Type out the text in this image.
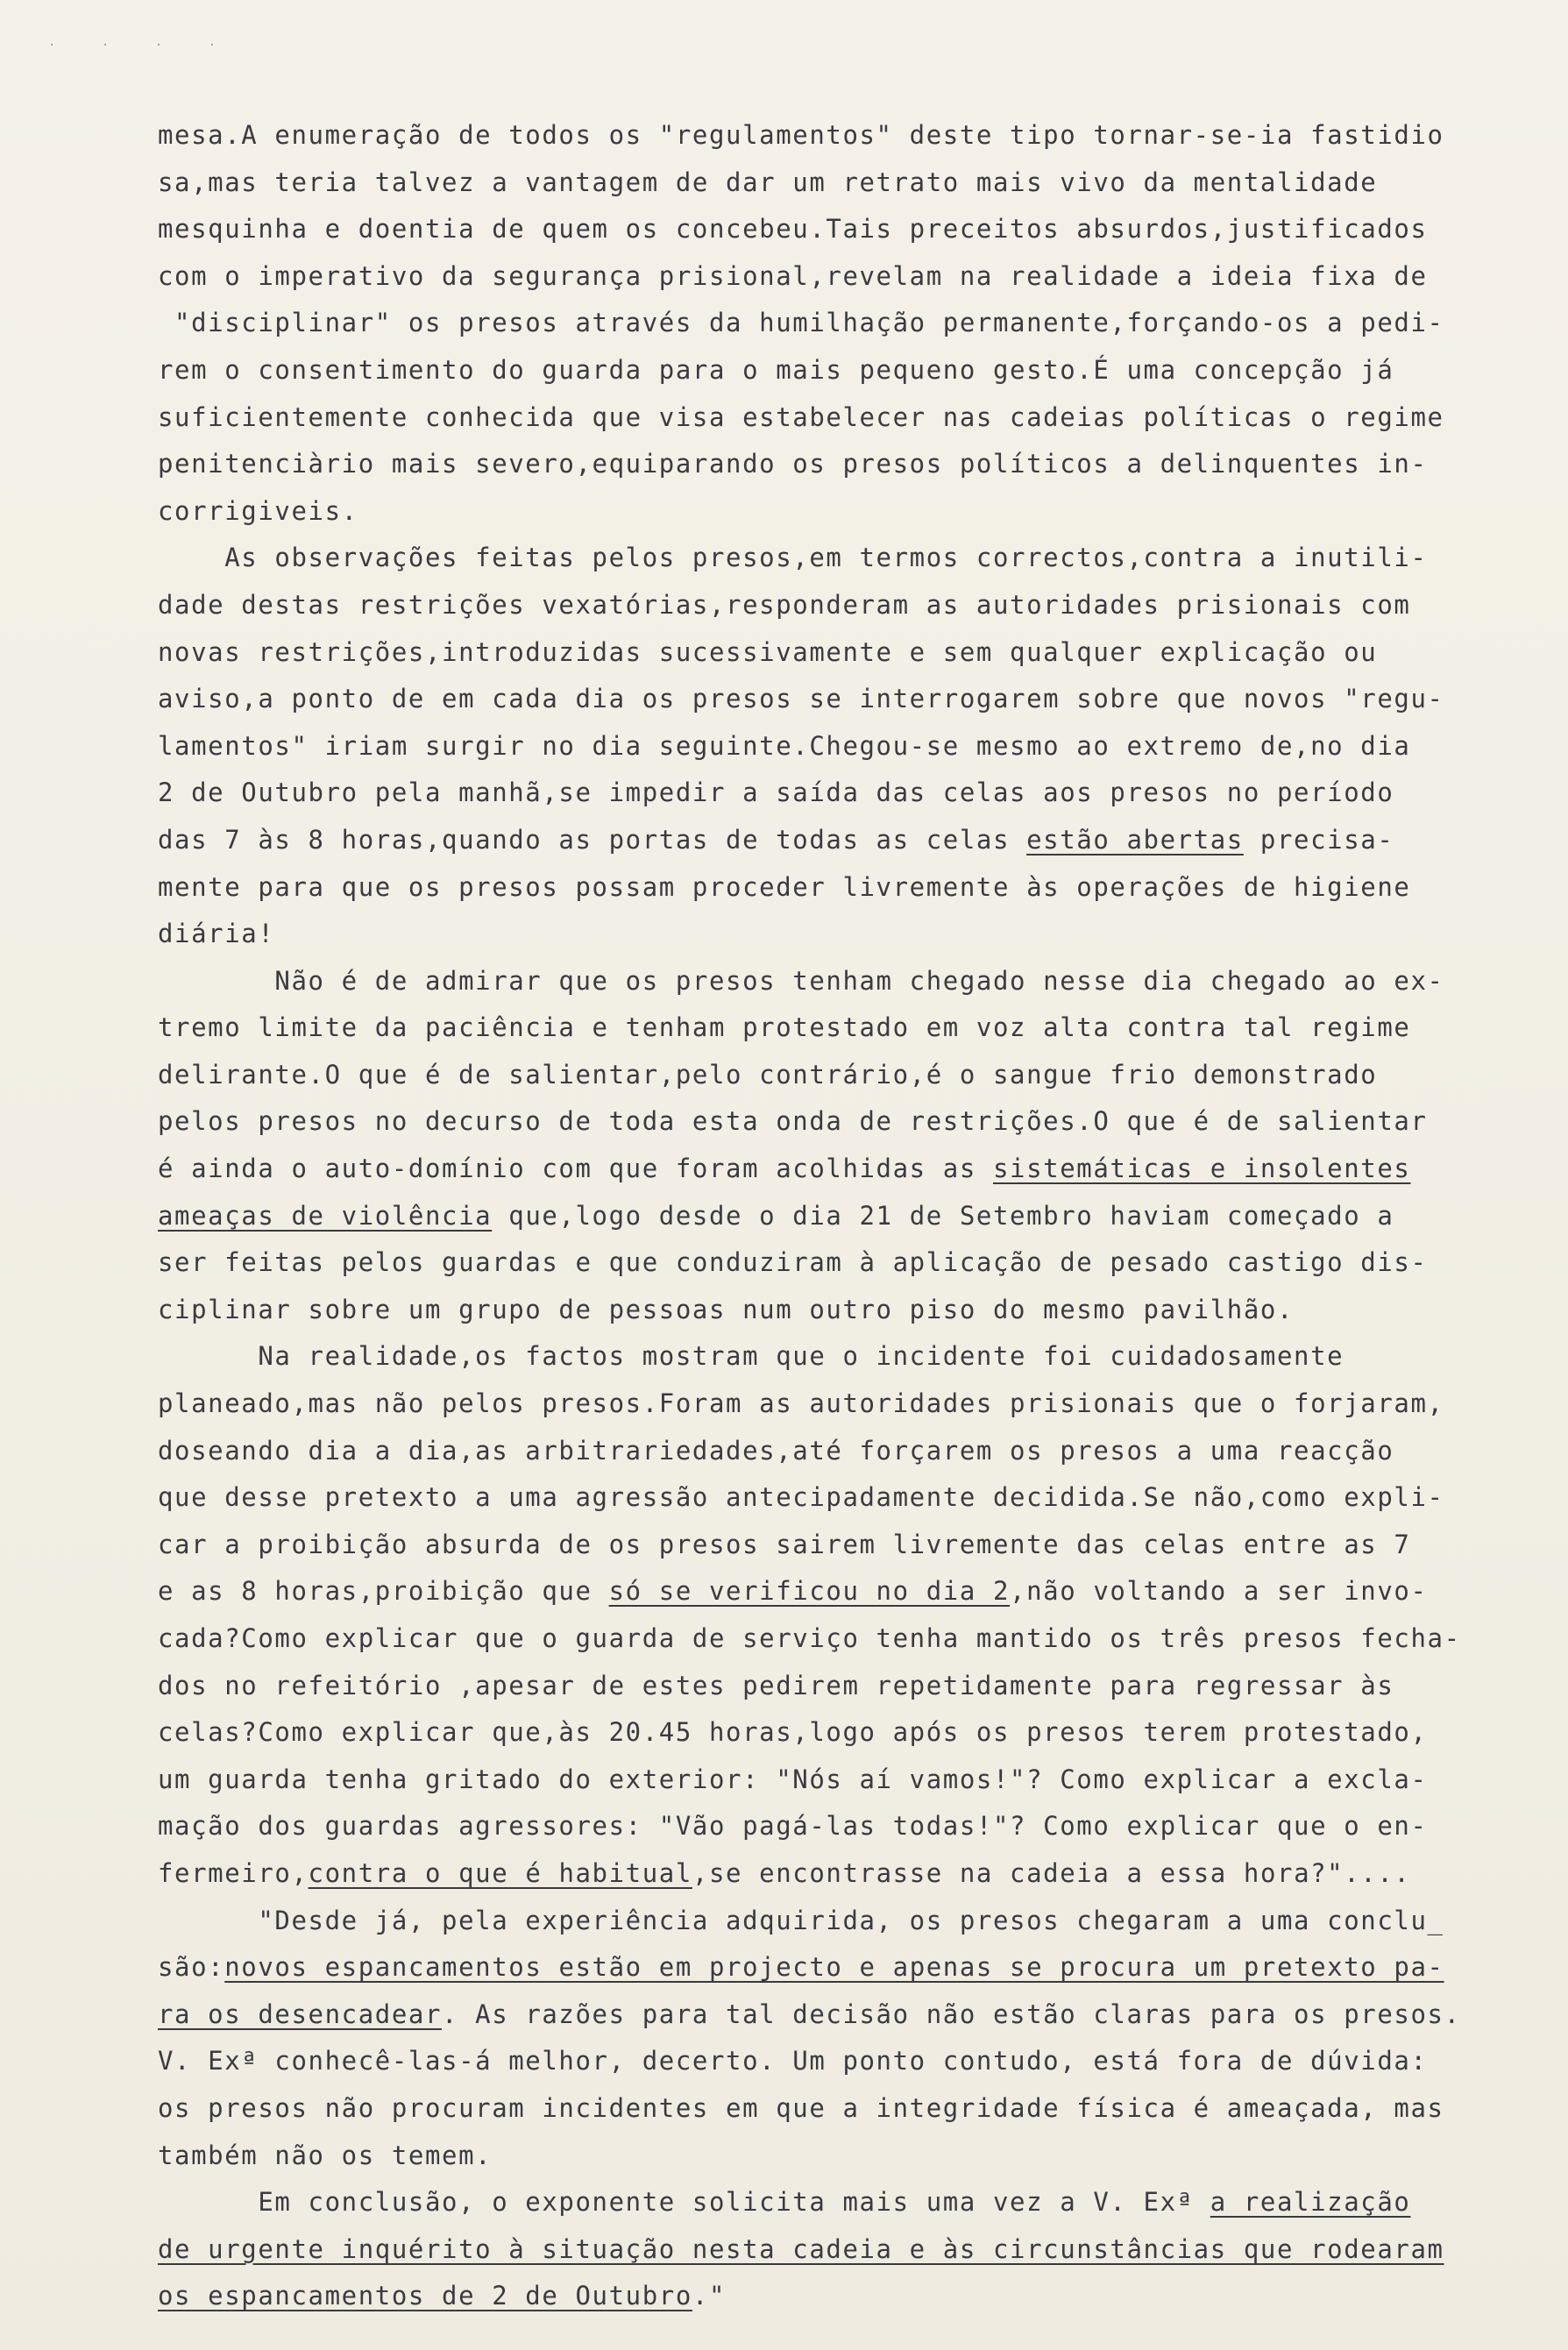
. . . .
mesa.A enumeração de todos os "regulamentos" deste tipo tornar-se-ia fastidio
sa,mas teria talvez a vantagem de dar um retrato mais vivo da mentalidade
mesquinha e doentia de quem os concebeu.Tais preceitos absurdos,justificados
com o imperativo da segurança prisional,revelam na realidade a ideia fixa de
"disciplinar" os presos através da humilhação permanente,forçando-os a pedi-
rem o consentimento do guarda para o mais pequeno gesto.É uma concepção já
suficientemente conhecida que visa estabelecer nas cadeias políticas o regime
penitenciàrio mais severo,equiparando os presos políticos a delinquentes in-
corrigiveis.
As observações feitas pelos presos,em termos correctos,contra a inutili-
dade destas restrições vexatórias,responderam as autoridades prisionais com
novas restrições,introduzidas sucessivamente e sem qualquer explicação ou
aviso,a ponto de em cada dia os presos se interrogarem sobre que novos "regu-
lamentos" iriam surgir no dia seguinte.Chegou-se mesmo ao extremo de,no dia
2 de Outubro pela manhã,se impedir a saída das celas aos presos no período
das 7 às 8 horas,quando as portas de todas as celas estão abertas precisa-
mente para que os presos possam proceder livremente às operações de higiene
diária!
Não é de admirar que os presos tenham chegado nesse dia chegado ao ex-
tremo limite da paciência e tenham protestado em voz alta contra tal regime
delirante.O que é de salientar,pelo contrário,é o sangue frio demonstrado
pelos presos no decurso de toda esta onda de restrições.O que é de salientar
é ainda o auto-domínio com que foram acolhidas as sistemáticas e insolentes
ameaças de violência que,logo desde o dia 21 de Setembro haviam começado a
ser feitas pelos guardas e que conduziram à aplicação de pesado castigo dis-
ciplinar sobre um grupo de pessoas num outro piso do mesmo pavilhão.
Na realidade,os factos mostram que o incidente foi cuidadosamente
planeado,mas não pelos presos.Foram as autoridades prisionais que o forjaram,
doseando dia a dia,as arbitrariedades,até forçarem os presos a uma reacção
que desse pretexto a uma agressão antecipadamente decidida.Se não,como expli-
car a proibição absurda de os presos sairem livremente das celas entre as 7
e as 8 horas,proibição que só se verificou no dia 2,não voltando a ser invo-
cada?Como explicar que o guarda de serviço tenha mantido os três presos fecha-
dos no refeitório ,apesar de estes pedirem repetidamente para regressar às
celas?Como explicar que,às 20.45 horas,logo após os presos terem protestado,
um guarda tenha gritado do exterior: "Nós aí vamos!"? Como explicar a excla-
mação dos guardas agressores: "Vão pagá-las todas!"? Como explicar que o en-
fermeiro,contra o que é habitual,se encontrasse na cadeia a essa hora?"....
"Desde já, pela experiência adquirida, os presos chegaram a uma conclu_
são:novos espancamentos estão em projecto e apenas se procura um pretexto pa-
ra os desencadear. As razões para tal decisão não estão claras para os presos.
V. Exª conhecê-las-á melhor, decerto. Um ponto contudo, está fora de dúvida:
os presos não procuram incidentes em que a integridade física é ameaçada, mas
também não os temem.
Em conclusão, o exponente solicita mais uma vez a V. Exª a realização
de urgente inquérito à situação nesta cadeia e às circunstâncias que rodearam
os espancamentos de 2 de Outubro."
